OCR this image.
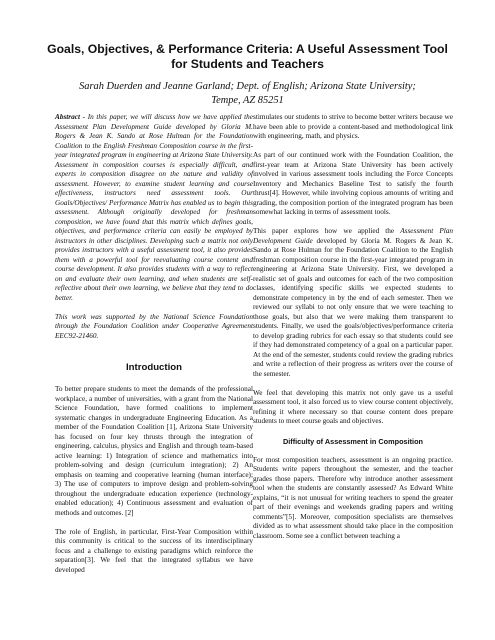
Goals, Objectives, & Performance Criteria: A Useful Assessment Tool for Students and Teachers
Sarah Duerden and Jeanne Garland; Dept. of English; Arizona State University;
Tempe, AZ 85251

Abstract - In this paper, we will discuss how we have applied the Assessment Plan Development Guide developed by Gloria M. Rogers & Jean K. Sando at Rose Hulman for the Foundation Coalition to the English Freshman Composition course in the first-year integrated program in engineering at Arizona State University. Assessment in composition courses is especially difficult, and experts in composition disagree on the nature and validity of assessment. However, to examine student learning and course effectiveness, instructors need assessment tools. Our Goals/Objectives/ Performance Matrix has enabled us to begin this assessment. Although originally developed for freshman composition, we have found that this matrix which defines goals, objectives, and performance criteria can easily be employed by instructors in other disciplines. Developing such a matrix not only provides instructors with a useful assessment tool, it also provides them with a powerful tool for reevaluating course content and course development. It also provides students with a way to reflect on and evaluate their own learning, and when students are self-reflective about their own learning, we believe that they tend to do better.

This work was supported by the National Science Foundation through the Foundation Coalition under Cooperative Agreement EEC92-21460.

Introduction

To better prepare students to meet the demands of the professional workplace, a number of universities, with a grant from the National Science Foundation, have formed coalitions to implement systematic changes in undergraduate Engineering Education. As a member of the Foundation Coalition [1], Arizona State University has focused on four key thrusts through the integration of engineering, calculus, physics and English and through team-based active learning: 1) Integration of science and mathematics into problem-solving and design (curriculum integration); 2) An emphasis on teaming and cooperative learning (human interface); 3) The use of computers to improve design and problem-solving throughout the undergraduate education experience (technology-enabled education); 4) Continuous assessment and evaluation of methods and outcomes. [2]

The role of English, in particular, First-Year Composition within this community is critical to the success of its interdisciplinary focus and a challenge to existing paradigms which reinforce the separation[3]. We feel that the integrated syllabus we have developed

stimulates our students to strive to become better writers because we have been able to provide a content-based and methodological link with engineering, math, and physics.

As part of our continued work with the Foundation Coalition, the first-year team at Arizona State University has been actively involved in various assessment tools including the Force Concepts Inventory and Mechanics Baseline Test to satisfy the fourth thrust[4]. However, while involving copious amounts of writing and grading, the composition portion of the integrated program has been somewhat lacking in terms of assessment tools.

This paper explores how we applied the Assessment Plan Development Guide developed by Gloria M. Rogers & Jean K. Sando at Rose Hulman for the Foundation Coalition to the English freshman composition course in the first-year integrated program in engineering at Arizona State University. First, we developed a realistic set of goals and outcomes for each of the two composition classes, identifying specific skills we expected students to demonstrate competency in by the end of each semester. Then we reviewed our syllabi to not only ensure that we were teaching to those goals, but also that we were making them transparent to students. Finally, we used the goals/objectives/performance criteria to develop grading rubrics for each essay so that students could see if they had demonstrated competency of a goal on a particular paper. At the end of the semester, students could review the grading rubrics and write a reflection of their progress as writers over the course of the semester.

We feel that developing this matrix not only gave us a useful assessment tool, it also forced us to view course content objectively, refining it where necessary so that course content does prepare students to meet course goals and objectives.

Difficulty of Assessment in Composition

For most composition teachers, assessment is an ongoing practice. Students write papers throughout the semester, and the teacher grades those papers. Therefore why introduce another assessment tool when the students are constantly assessed? As Edward White explains, “it is not unusual for writing teachers to spend the greater part of their evenings and weekends grading papers and writing comments”[5]. Moreover, composition specialists are themselves divided as to what assessment should take place in the composition classroom. Some see a conflict between teaching a
